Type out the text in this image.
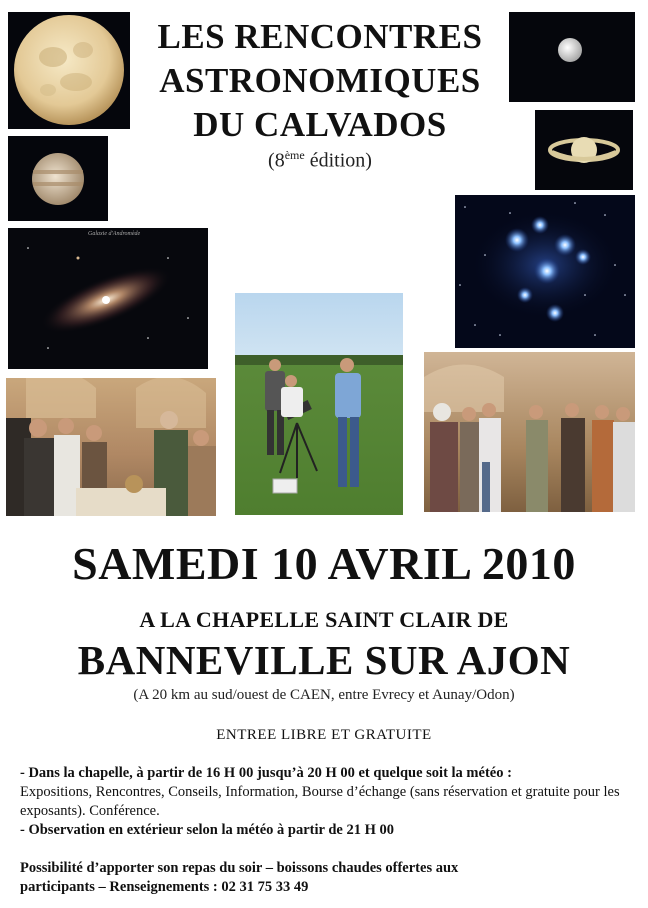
Galaxie d'Andromède
LES RENCONTRES
ASTRONOMIQUES
DU CALVADOS
(8ème édition)
SAMEDI 10 AVRIL 2010
A LA CHAPELLE SAINT CLAIR DE
BANNEVILLE SUR AJON
(A 20 km au sud/ouest de CAEN, entre Evrecy et Aunay/Odon)
ENTREE LIBRE ET GRATUITE
- Dans la chapelle, à partir de 16 H 00 jusqu’à 20 H 00 et quelque soit la météo :
Expositions, Rencontres, Conseils, Information, Bourse d’échange (sans réservation et gratuite pour les exposants). Conférence.
- Observation en extérieur selon la météo à partir de 21 H 00
Possibilité d’apporter son repas du soir – boissons chaudes offertes aux
participants – Renseignements : 02 31 75 33 49
